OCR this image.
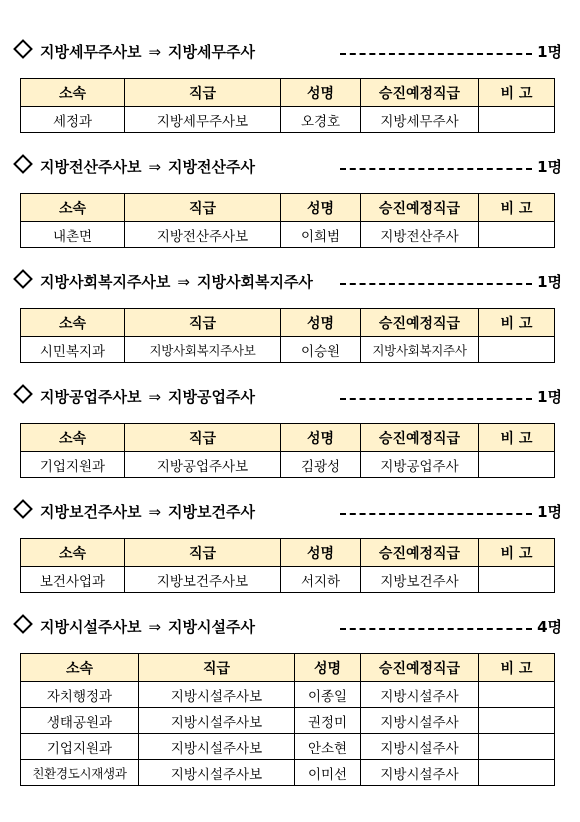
지방세무주사보 ⇒ 지방세무주사	1명
소속	직급	성명	승진예정직급	비 고
세정과	지방세무주사보	오경호	지방세무주사	
지방전산주사보 ⇒ 지방전산주사	1명
소속	직급	성명	승진예정직급	비 고
내촌면	지방전산주사보	이희범	지방전산주사	
지방사회복지주사보 ⇒ 지방사회복지주사	1명
소속	직급	성명	승진예정직급	비 고
시민복지과	지방사회복지주사보	이승원	지방사회복지주사	
지방공업주사보 ⇒ 지방공업주사	1명
소속	직급	성명	승진예정직급	비 고
기업지원과	지방공업주사보	김광성	지방공업주사	
지방보건주사보 ⇒ 지방보건주사	1명
소속	직급	성명	승진예정직급	비 고
보건사업과	지방보건주사보	서지하	지방보건주사	
지방시설주사보 ⇒ 지방시설주사	4명
소속	직급	성명	승진예정직급	비 고
자치행정과	지방시설주사보	이종일	지방시설주사	
생태공원과	지방시설주사보	권정미	지방시설주사	
기업지원과	지방시설주사보	안소현	지방시설주사	
친환경도시재생과	지방시설주사보	이미선	지방시설주사	
